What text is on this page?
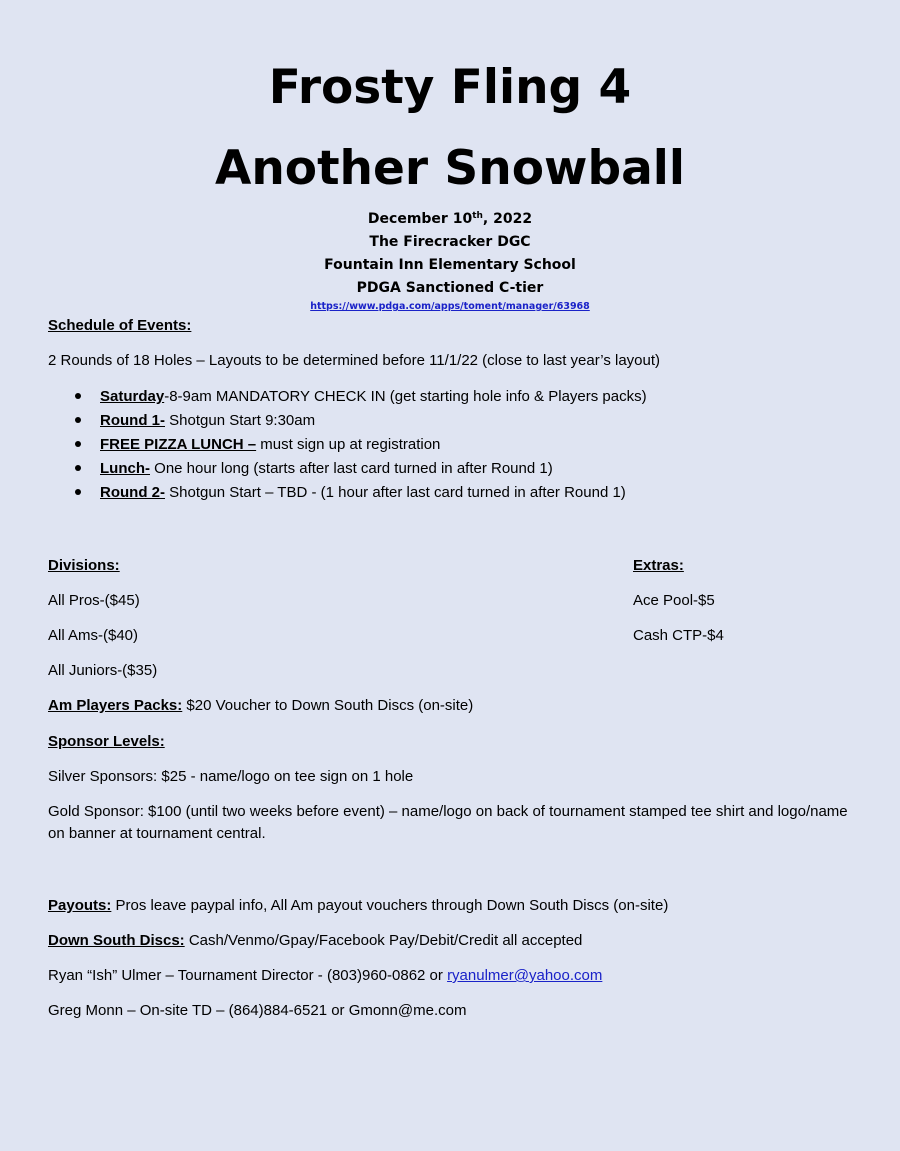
Frosty Fling 4
Another Snowball
December 10th, 2022
The Firecracker DGC
Fountain Inn Elementary School
PDGA Sanctioned C-tier
https://www.pdga.com/apps/toment/manager/63968
Schedule of Events:
2 Rounds of 18 Holes – Layouts to be determined before 11/1/22 (close to last year’s layout)
Saturday-8-9am MANDATORY CHECK IN (get starting hole info & Players packs)
Round 1- Shotgun Start 9:30am
FREE PIZZA LUNCH – must sign up at registration
Lunch- One hour long (starts after last card turned in after Round 1)
Round 2- Shotgun Start – TBD - (1 hour after last card turned in after Round 1)
Divisions:	Extras:
All Pros-($45)	Ace Pool-$5
All Ams-($40)	Cash CTP-$4
All Juniors-($35)
Am Players Packs: $20 Voucher to Down South Discs (on-site)
Sponsor Levels:
Silver Sponsors: $25 - name/logo on tee sign on 1 hole
Gold Sponsor: $100 (until two weeks before event) – name/logo on back of tournament stamped tee shirt and logo/name on banner at tournament central.
Payouts: Pros leave paypal info, All Am payout vouchers through Down South Discs (on-site)
Down South Discs: Cash/Venmo/Gpay/Facebook Pay/Debit/Credit all accepted
Ryan “Ish” Ulmer – Tournament Director - (803)960-0862 or ryanulmer@yahoo.com
Greg Monn – On-site TD – (864)884-6521 or Gmonn@me.com
